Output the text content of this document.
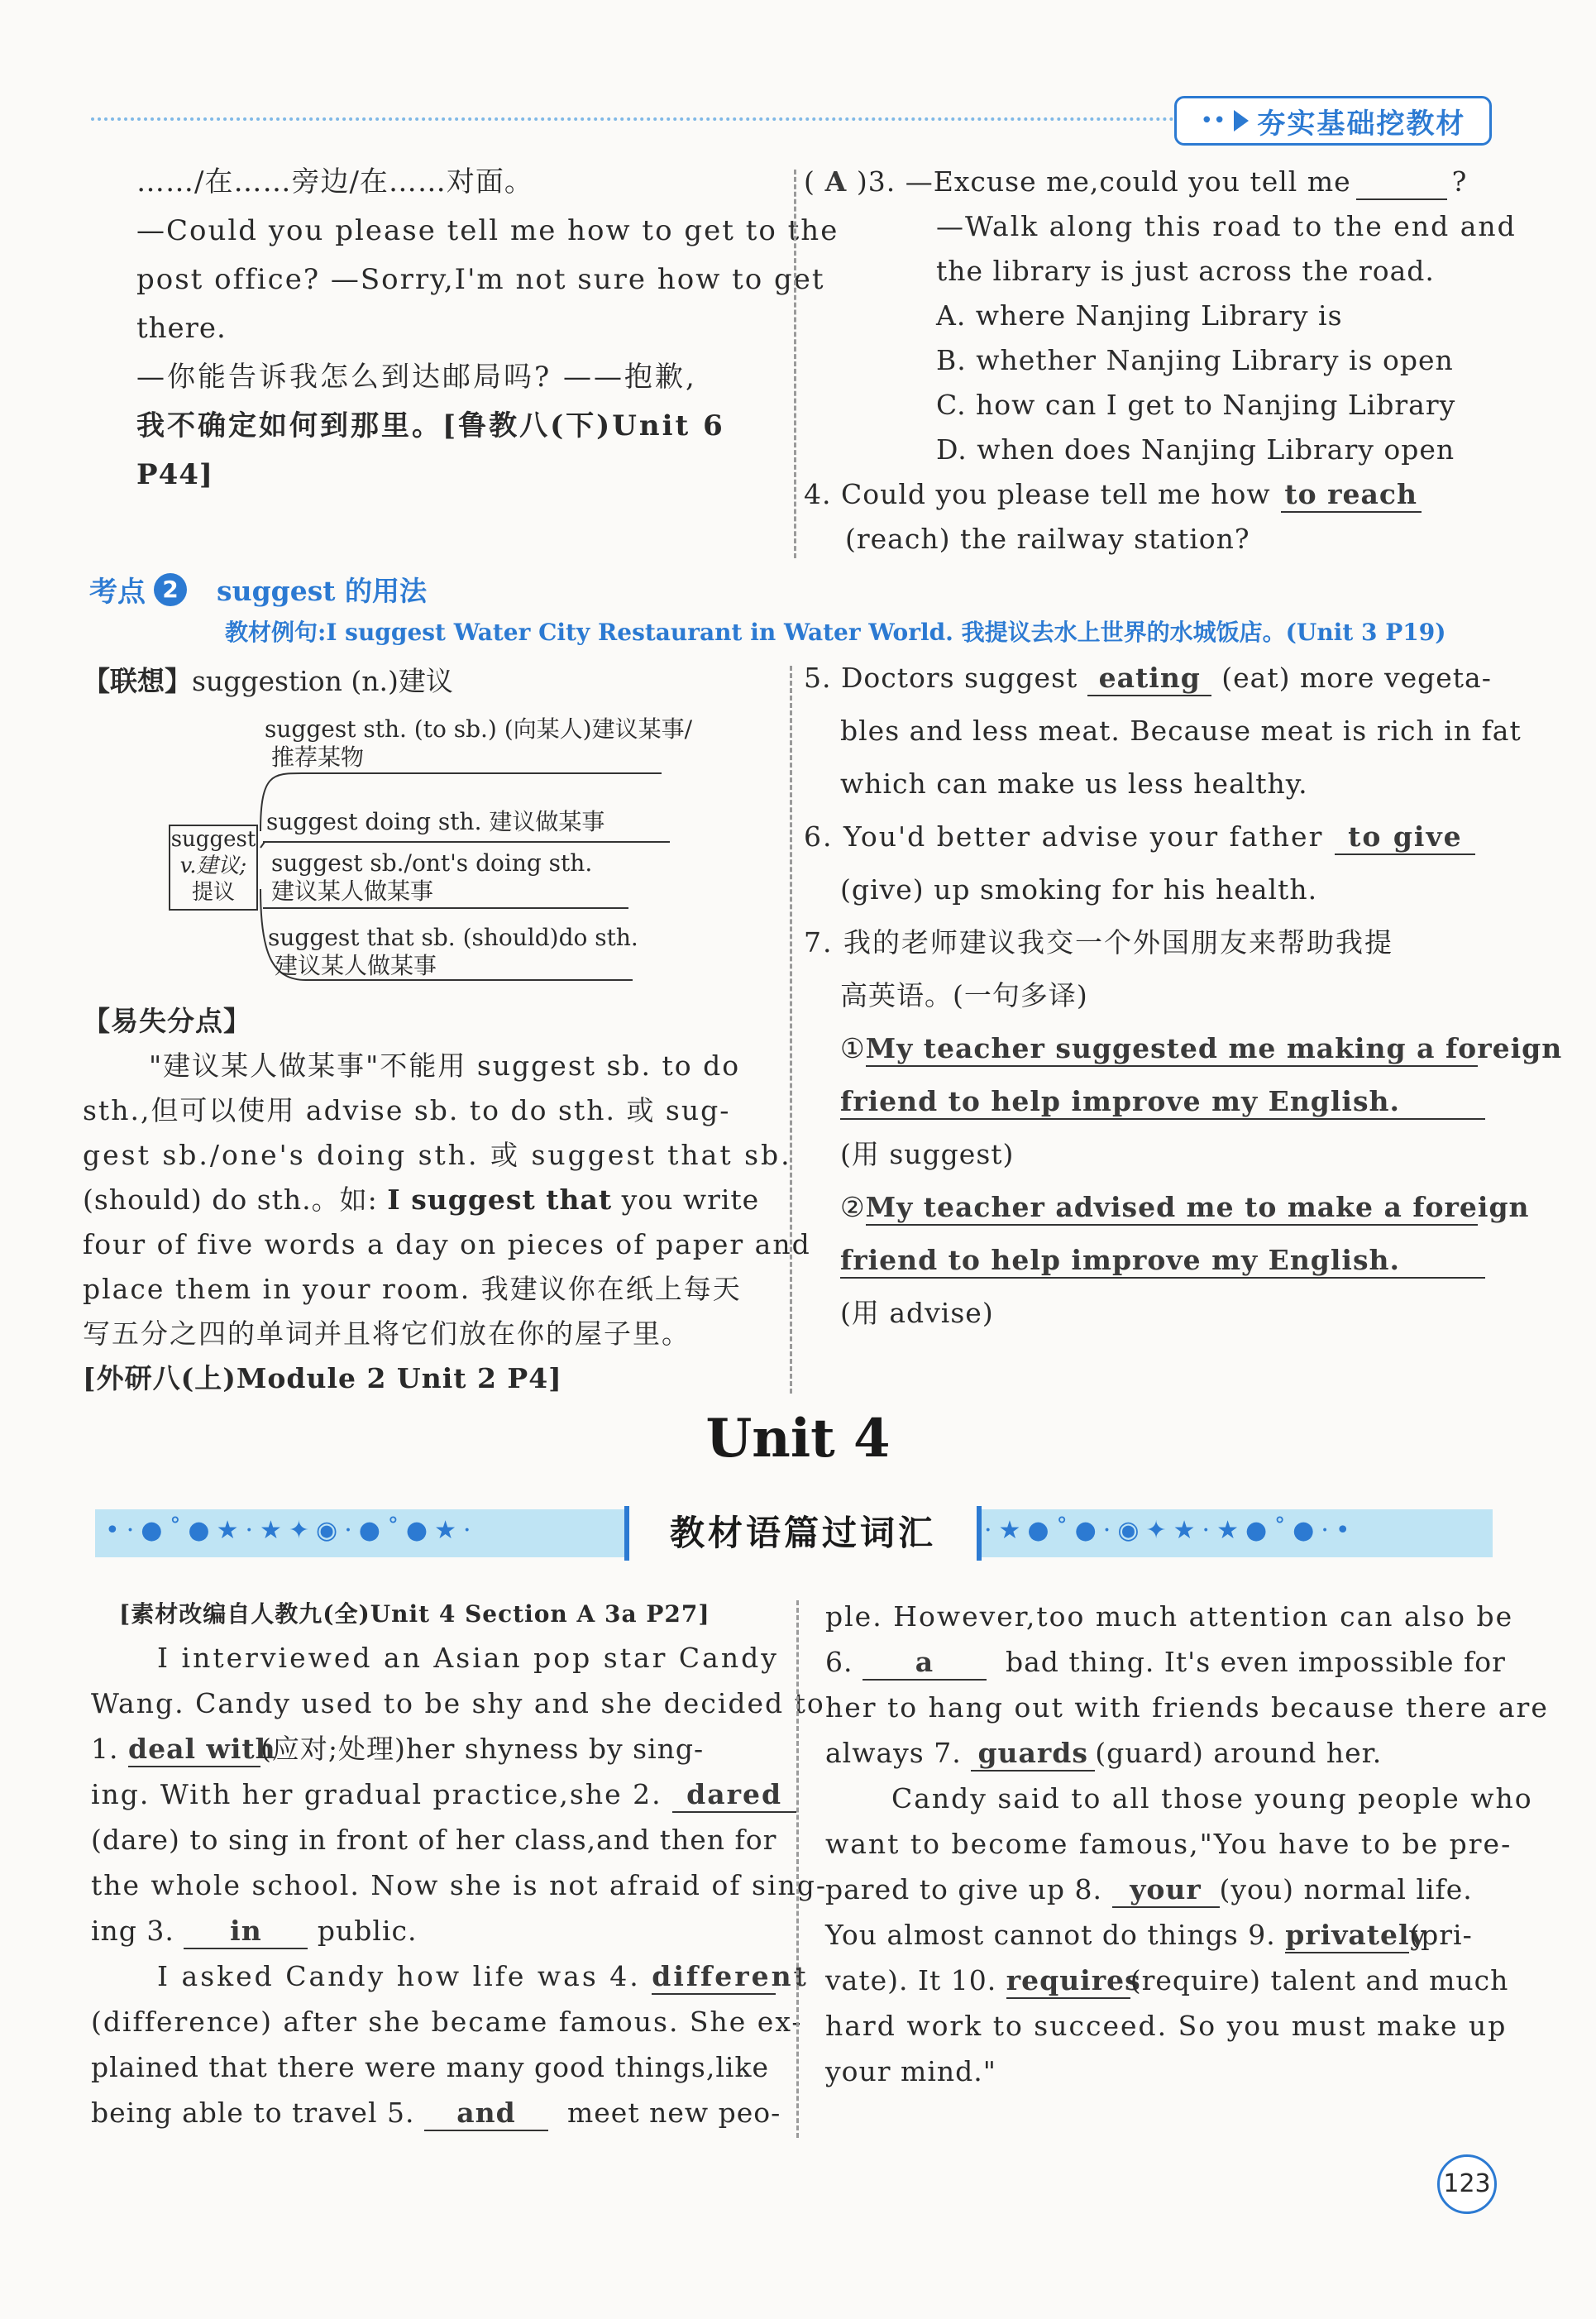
•• 夯实基础挖教材
……/在……旁边/在……对面。
—Could you please tell me how to get to the
post office? —Sorry,I'm not sure how to get
there.
—你能告诉我怎么到达邮局吗? ——抱歉,
我不确定如何到那里。[鲁教八(下)Unit 6
P44]
( A )3. —Excuse me,could you tell me	?
—Walk along this road to the end and
the library is just across the road.
A. where Nanjing Library is
B. whether Nanjing Library is open
C. how can I get to Nanjing Library
D. when does Nanjing Library open
4. Could you please tell me how to reach
(reach) the railway station?
考点 2	suggest 的用法
教材例句:I suggest Water City Restaurant in Water World. 我提议去水上世界的水城饭店。(Unit 3 P19)
【联想】suggestion (n.)建议
suggest
v.建议;
提议
suggest sth. (to sb.) (向某人)建议某事/
推荐某物
suggest doing sth. 建议做某事
suggest sb./ont's doing sth.
建议某人做某事
suggest that sb. (should)do sth.
建议某人做某事
【易失分点】
"建议某人做某事"不能用 suggest sb. to do
sth.,但可以使用 advise sb. to do sth. 或 sug-
gest sb./one's doing sth. 或 suggest that sb.
(should) do sth.。如: I suggest that you write
four of five words a day on pieces of paper and
place them in your room. 我建议你在纸上每天
写五分之四的单词并且将它们放在你的屋子里。
[外研八(上)Module 2 Unit 2 P4]
5. Doctors suggest eating (eat) more vegeta-
bles and less meat. Because meat is rich in fat
which can make us less healthy.
6. You'd better advise your father to give
(give) up smoking for his health.
7. 我的老师建议我交一个外国朋友来帮助我提
高英语。(一句多译)
①My teacher suggested me making a foreign
friend to help improve my English.
(用 suggest)
②My teacher advised me to make a foreign
friend to help improve my English.
(用 advise)
Unit 4
•·●˚●★·★✦◉·●˚●★·	·★●˚●·◉✦★·★●˚●·•
教材语篇过词汇
[素材改编自人教九(全)Unit 4 Section A 3a P27]
I interviewed an Asian pop star Candy
Wang. Candy used to be shy and she decided to
1. deal with(应对;处理)her shyness by sing-
ing. With her gradual practice,she 2. dared
(dare) to sing in front of her class,and then for
the whole school. Now she is not afraid of sing-
ing 3. in public.
I asked Candy how life was 4. different
(difference) after she became famous. She ex-
plained that there were many good things,like
being able to travel 5. and meet new peo-
ple. However,too much attention can also be
6. a	bad thing. It's even impossible for
her to hang out with friends because there are
always 7. guards (guard) around her.
Candy said to all those young people who
want to become famous,"You have to be pre-
pared to give up 8. your (you) normal life.
You almost cannot do things 9. privately(pri-
vate). It 10. requires(require) talent and much
hard work to succeed. So you must make up
your mind."
123
